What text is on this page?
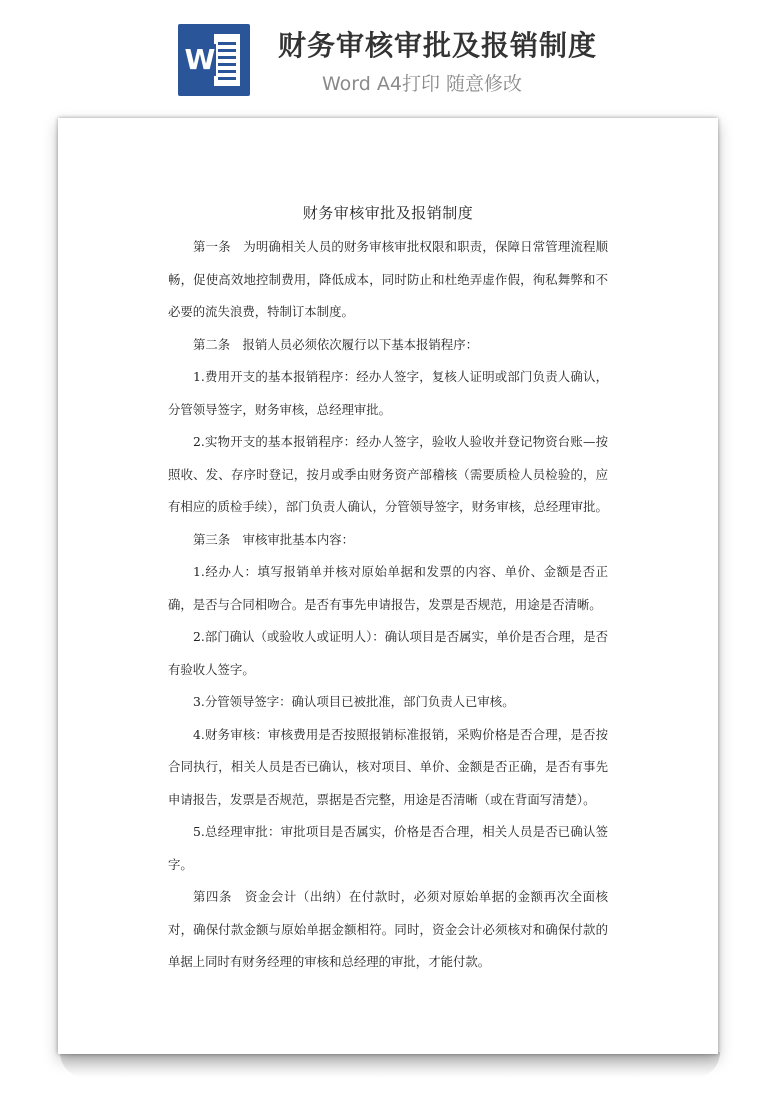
W 财务审核审批及报销制度
Word A4打印 随意修改
财务审核审批及报销制度

第一条　为明确相关人员的财务审核审批权限和职责，保障日常管理流程顺畅，促使高效地控制费用，降低成本，同时防止和杜绝弄虚作假，徇私舞弊和不必要的流失浪费，特制订本制度。

第二条　报销人员必须依次履行以下基本报销程序：

1.费用开支的基本报销程序：经办人签字，复核人证明或部门负责人确认，分管领导签字，财务审核，总经理审批。

2.实物开支的基本报销程序：经办人签字，验收人验收并登记物资台账—按照收、发、存序时登记，按月或季由财务资产部稽核（需要质检人员检验的，应有相应的质检手续），部门负责人确认，分管领导签字，财务审核，总经理审批。

第三条　审核审批基本内容：

1.经办人：填写报销单并核对原始单据和发票的内容、单价、金额是否正确，是否与合同相吻合。是否有事先申请报告，发票是否规范，用途是否清晰。

2.部门确认（或验收人或证明人）：确认项目是否属实，单价是否合理，是否有验收人签字。

3.分管领导签字：确认项目已被批准，部门负责人已审核。

4.财务审核：审核费用是否按照报销标准报销，采购价格是否合理，是否按合同执行，相关人员是否已确认，核对项目、单价、金额是否正确，是否有事先申请报告，发票是否规范，票据是否完整，用途是否清晰（或在背面写清楚）。

5.总经理审批：审批项目是否属实，价格是否合理，相关人员是否已确认签字。

第四条　资金会计（出纳）在付款时，必须对原始单据的金额再次全面核对，确保付款金额与原始单据金额相符。同时，资金会计必须核对和确保付款的单据上同时有财务经理的审核和总经理的审批，才能付款。
